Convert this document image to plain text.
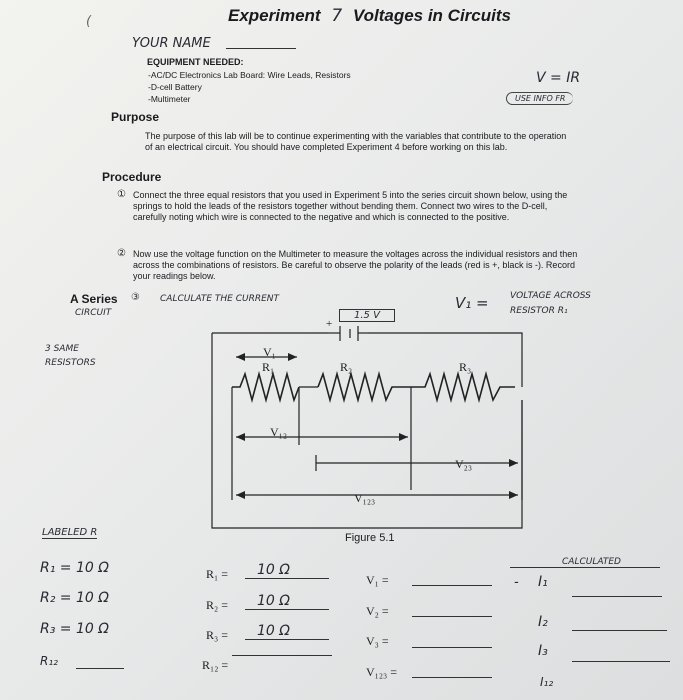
Experiment 7 Voltages in Circuits
YOUR NAME
EQUIPMENT NEEDED:
-AC/DC Electronics Lab Board: Wire Leads, Resistors
-D-cell Battery
-Multimeter
V = IR
USE INFO FR
Purpose
The purpose of this lab will be to continue experimenting with the variables that contribute to the operation of an electrical circuit. You should have completed Experiment 4 before working on this lab.
Procedure
① Connect the three equal resistors that you used in Experiment 5 into the series circuit shown below, using the springs to hold the leads of the resistors together without bending them. Connect two wires to the D-cell, carefully noting which wire is connected to the negative and which is connected to the positive.
② Now use the voltage function on the Multimeter to measure the voltages across the individual resistors and then across the combinations of resistors. Be careful to observe the polarity of the leads (red is +, black is -). Record your readings below.
A Series ③ CALCULATE THE CURRENT
CIRCUIT	1.5 V
V₁ = VOLTAGE ACROSS
RESISTOR R₁
3 SAME
RESISTORS
+
V₁
R₁	R₂	R₃
V₁₂
V₂₃
V₁₂₃
Figure 5.1
LABELED R
R₁ = 10 Ω
R₂ = 10 Ω
R₃ = 10 Ω
R₁₂
R₁ =	10 Ω
R₂ =	10 Ω
R₃ =	10 Ω
R₁₂ =
V₁ =
V₂ =
V₃ =
V₁₂₃ =
CALCULATED
- I₁
I₂
I₃
I₁₂
(
